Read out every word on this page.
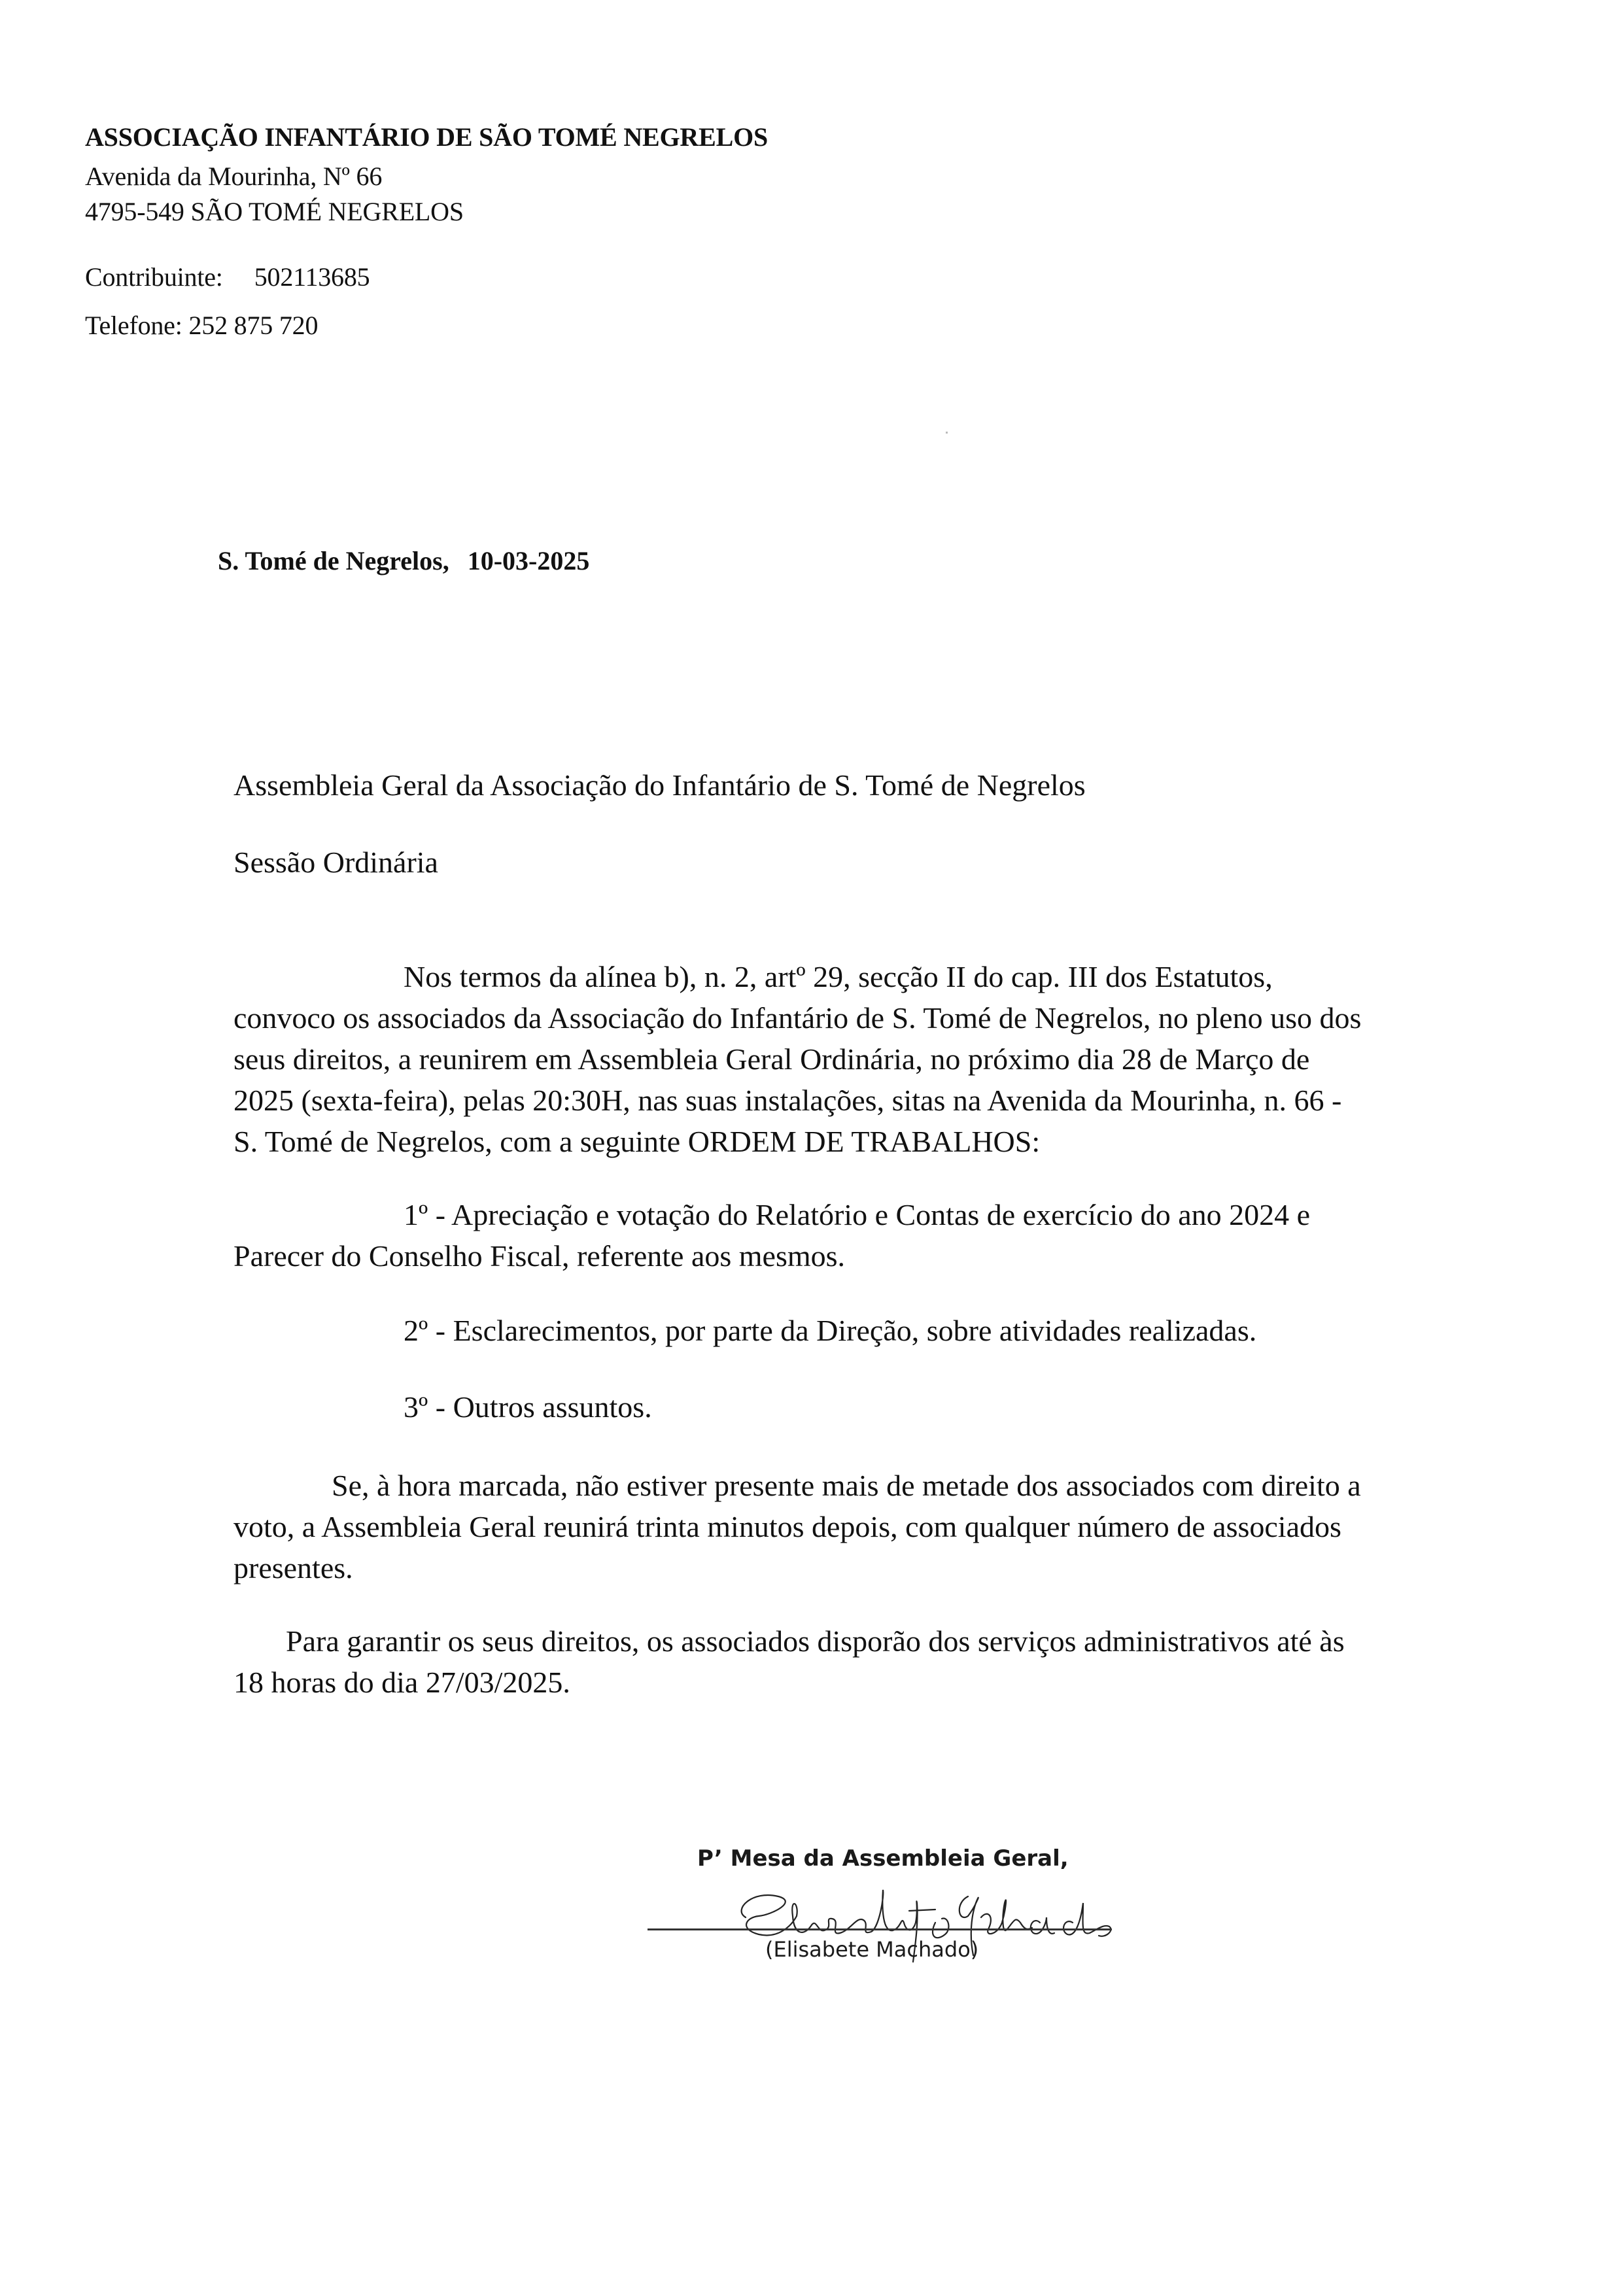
ASSOCIAÇÃO INFANTÁRIO DE SÃO TOMÉ NEGRELOS
Avenida da Mourinha, Nº 66
4795-549 SÃO TOMÉ NEGRELOS
Contribuinte: 502113685
Telefone: 252 875 720
S. Tomé de Negrelos, 10-03-2025
Assembleia Geral da Associação do Infantário de S. Tomé de Negrelos
Sessão Ordinária
Nos termos da alínea b), n. 2, artº 29, secção II do cap. III dos Estatutos,
convoco os associados da Associação do Infantário de S. Tomé de Negrelos, no pleno uso dos
seus direitos, a reunirem em Assembleia Geral Ordinária, no próximo dia 28 de Março de
2025 (sexta-feira), pelas 20:30H, nas suas instalações, sitas na Avenida da Mourinha, n. 66 -
S. Tomé de Negrelos, com a seguinte ORDEM DE TRABALHOS:
1º - Apreciação e votação do Relatório e Contas de exercício do ano 2024 e
Parecer do Conselho Fiscal, referente aos mesmos.
2º - Esclarecimentos, por parte da Direção, sobre atividades realizadas.
3º - Outros assuntos.
Se, à hora marcada, não estiver presente mais de metade dos associados com direito a
voto, a Assembleia Geral reunirá trinta minutos depois, com qualquer número de associados
presentes.
Para garantir os seus direitos, os associados disporão dos serviços administrativos até às
18 horas do dia 27/03/2025.
P’ Mesa da Assembleia Geral,
(Elisabete Machado)
